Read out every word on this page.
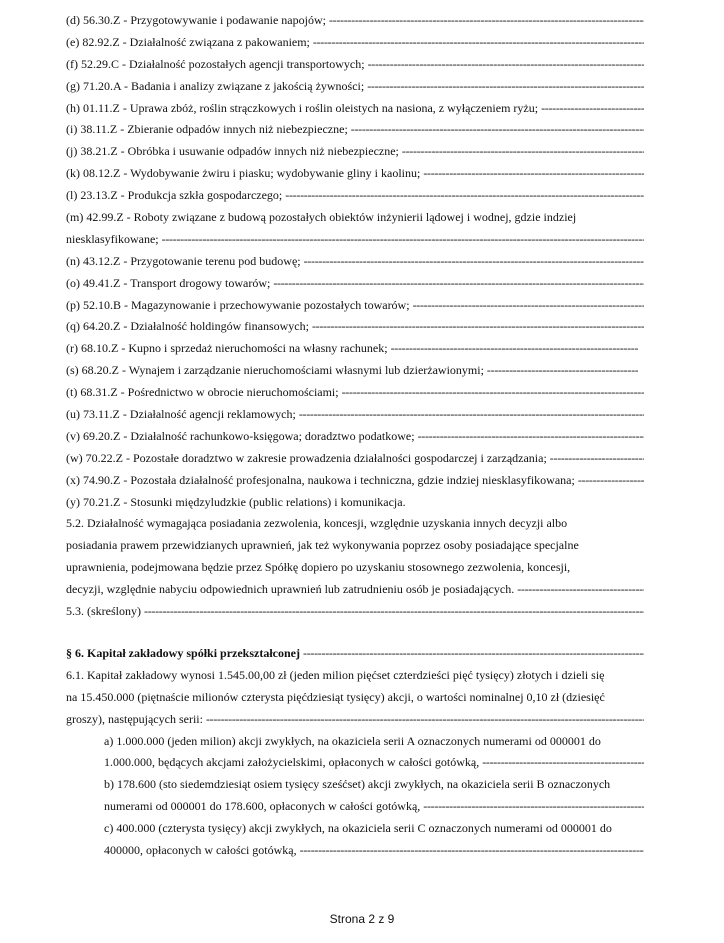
(d) 56.30.Z - Przygotowywanie i podawanie napojów;
-----
(e) 82.92.Z - Działalność związana z pakowaniem;
-----
(f) 52.29.C - Działalność pozostałych agencji transportowych;
-----
(g) 71.20.A - Badania i analizy związane z jakością żywności;
-----
(h) 01.11.Z - Uprawa zbóż, roślin strączkowych i roślin oleistych na nasiona, z wyłączeniem ryżu;
-----
(i) 38.11.Z - Zbieranie odpadów innych niż niebezpieczne;
-----
(j) 38.21.Z - Obróbka i usuwanie odpadów innych niż niebezpieczne;
-----
(k) 08.12.Z - Wydobywanie żwiru i piasku; wydobywanie gliny i kaolinu;
-----
(l) 23.13.Z - Produkcja szkła gospodarczego;
-----
(m) 42.99.Z - Roboty związane z budową pozostałych obiektów inżynierii lądowej i wodnej, gdzie indziej
niesklasyfikowane;
-----
(n) 43.12.Z - Przygotowanie terenu pod budowę;
-----
(o) 49.41.Z - Transport drogowy towarów;
-----
(p) 52.10.B - Magazynowanie i przechowywanie pozostałych towarów;
-----
(q) 64.20.Z - Działalność holdingów finansowych;
-----
(r) 68.10.Z - Kupno i sprzedaż nieruchomości na własny rachunek;
-----
(s) 68.20.Z - Wynajem i zarządzanie nieruchomościami własnymi lub dzierżawionymi;
-----
(t) 68.31.Z - Pośrednictwo w obrocie nieruchomościami;
-----
(u) 73.11.Z - Działalność agencji reklamowych;
-----
(v) 69.20.Z - Działalność rachunkowo-księgowa; doradztwo podatkowe;
-----
(w) 70.22.Z - Pozostałe doradztwo w zakresie prowadzenia działalności gospodarczej i zarządzania;
-----
(x) 74.90.Z - Pozostała działalność profesjonalna, naukowa i techniczna, gdzie indziej niesklasyfikowana;
-----
(y) 70.21.Z - Stosunki międzyludzkie (public relations) i komunikacja.
5.2. Działalność wymagająca posiadania zezwolenia, koncesji, względnie uzyskania innych decyzji albo
posiadania prawem przewidzianych uprawnień, jak też wykonywania poprzez osoby posiadające specjalne
uprawnienia, podejmowana będzie przez Spółkę dopiero po uzyskaniu stosownego zezwolenia, koncesji,
decyzji, względnie nabyciu odpowiednich uprawnień lub zatrudnieniu osób je posiadających.
-----
5.3. (skreślony)
-----
§ 6. Kapitał zakładowy spółki przekształconej
-----
6.1. Kapitał zakładowy wynosi 1.545.00,00 zł (jeden milion pięćset czterdzieści pięć tysięcy) złotych i dzieli się
na 15.450.000 (piętnaście milionów czterysta pięćdziesiąt tysięcy) akcji, o wartości nominalnej 0,10 zł (dziesięć
groszy), następujących serii:
-----
a) 1.000.000 (jeden milion) akcji zwykłych, na okaziciela serii A oznaczonych numerami od 000001 do
1.000.000, będących akcjami założycielskimi, opłaconych w całości gotówką,
-----
b) 178.600 (sto siedemdziesiąt osiem tysięcy sześćset) akcji zwykłych, na okaziciela serii B oznaczonych
numerami od 000001 do 178.600, opłaconych w całości gotówką,
-----
c) 400.000 (czterysta tysięcy) akcji zwykłych, na okaziciela serii C oznaczonych numerami od 000001 do
400000, opłaconych w całości gotówką,
-----
Strona 2 z 9
